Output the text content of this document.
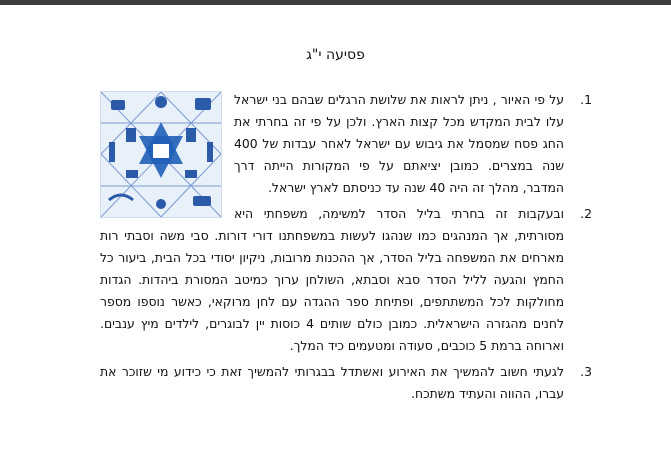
פסיעה י"ג
1.
על פי האיור , ניתן לראות את שלושת הרגלים שבהם בני ישראל עלו לבית המקדש מכל קצות הארץ. ולכן על פי זה בחרתי את החג פסח שמסמל את גיבוש עם ישראל לאחר עבדות של 400 שנה במצרים. כמובן יציאתם על פי המקורות הייתה דרך המדבר, מהלך זה היה 40 שנה עד כניסתם לארץ ישראל.
2.
ובעקבות זה בחרתי בליל הסדר למשימה, משפחתי היא מסורתית, אך המנהגים כמו שנהגו לעשות במשפחתנו דורי דורות. סבי משה וסבתי רות מארחים את המשפחה בליל הסדר, אך ההכנות מרובות, ניקיון יסודי בכל הבית, ביעור כל החמץ והגעה לליל הסדר סבא וסבתא, השולחן ערוך כמיטב המסורת ביהדות. הגדות מחולקות לכל המשתתפים, ופתיחת ספר ההגדה עם לחן מרוקאי, כאשר נוספו מספר לחנים מהגזרה הישראלית. כמובן כולם שותים 4 כוסות יין לבוגרים, לילדים מיץ ענבים. וארוחה ברמת 5 כוכבים, סעודה ומטעמים כיד המלך.
3.
לגעתי חשוב להמשיך את האירוע ואשתדל בבגרותי להמשיך זאת כי כידוע מי שזוכר את עברו, ההווה והעתיד משתכח.
